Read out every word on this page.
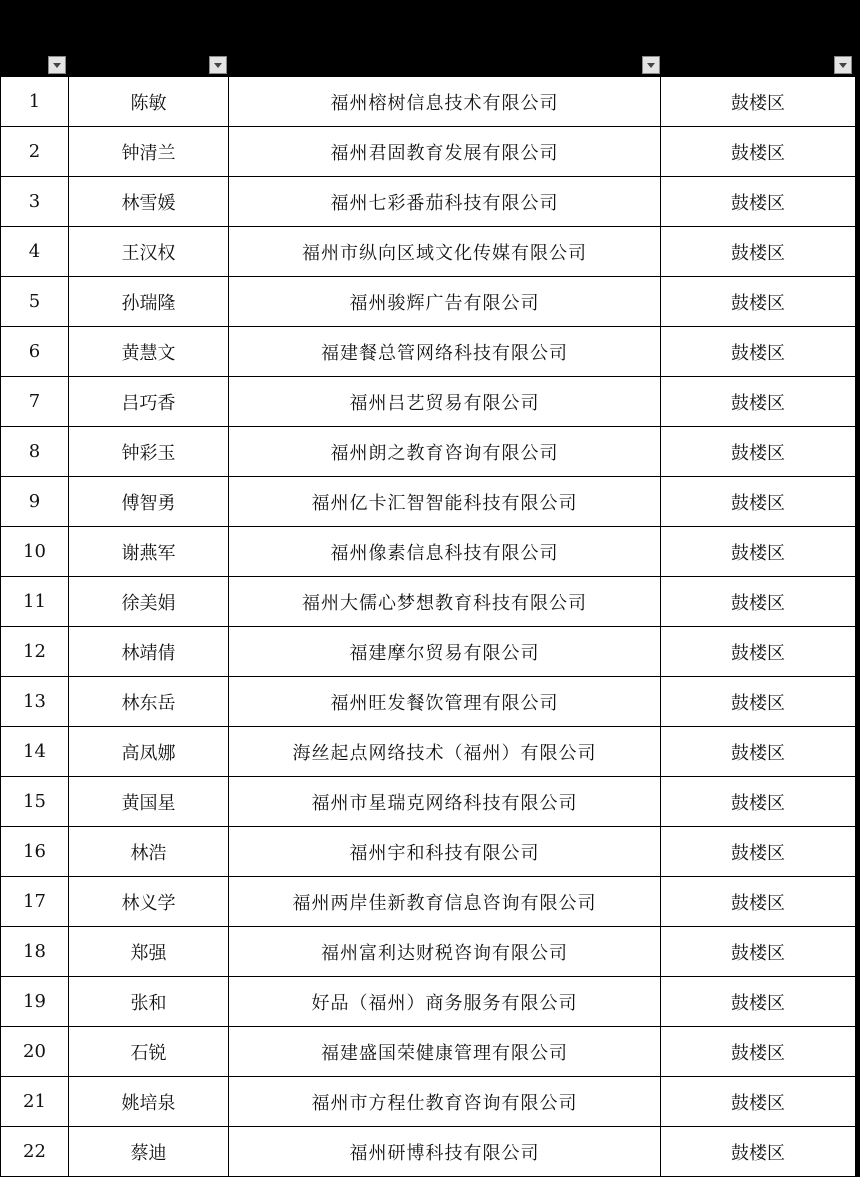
1	陈敏	福州榕树信息技术有限公司	鼓楼区
2	钟清兰	福州君固教育发展有限公司	鼓楼区
3	林雪媛	福州七彩番茄科技有限公司	鼓楼区
4	王汉权	福州市纵向区域文化传媒有限公司	鼓楼区
5	孙瑞隆	福州骏辉广告有限公司	鼓楼区
6	黄慧文	福建餐总管网络科技有限公司	鼓楼区
7	吕巧香	福州吕艺贸易有限公司	鼓楼区
8	钟彩玉	福州朗之教育咨询有限公司	鼓楼区
9	傅智勇	福州亿卡汇智智能科技有限公司	鼓楼区
10	谢燕军	福州像素信息科技有限公司	鼓楼区
11	徐美娟	福州大儒心梦想教育科技有限公司	鼓楼区
12	林靖倩	福建摩尔贸易有限公司	鼓楼区
13	林东岳	福州旺发餐饮管理有限公司	鼓楼区
14	高凤娜	海丝起点网络技术（福州）有限公司	鼓楼区
15	黄国星	福州市星瑞克网络科技有限公司	鼓楼区
16	林浩	福州宇和科技有限公司	鼓楼区
17	林义学	福州两岸佳新教育信息咨询有限公司	鼓楼区
18	郑强	福州富利达财税咨询有限公司	鼓楼区
19	张和	好品（福州）商务服务有限公司	鼓楼区
20	石锐	福建盛国荣健康管理有限公司	鼓楼区
21	姚培泉	福州市方程仕教育咨询有限公司	鼓楼区
22	蔡迪	福州研博科技有限公司	鼓楼区
